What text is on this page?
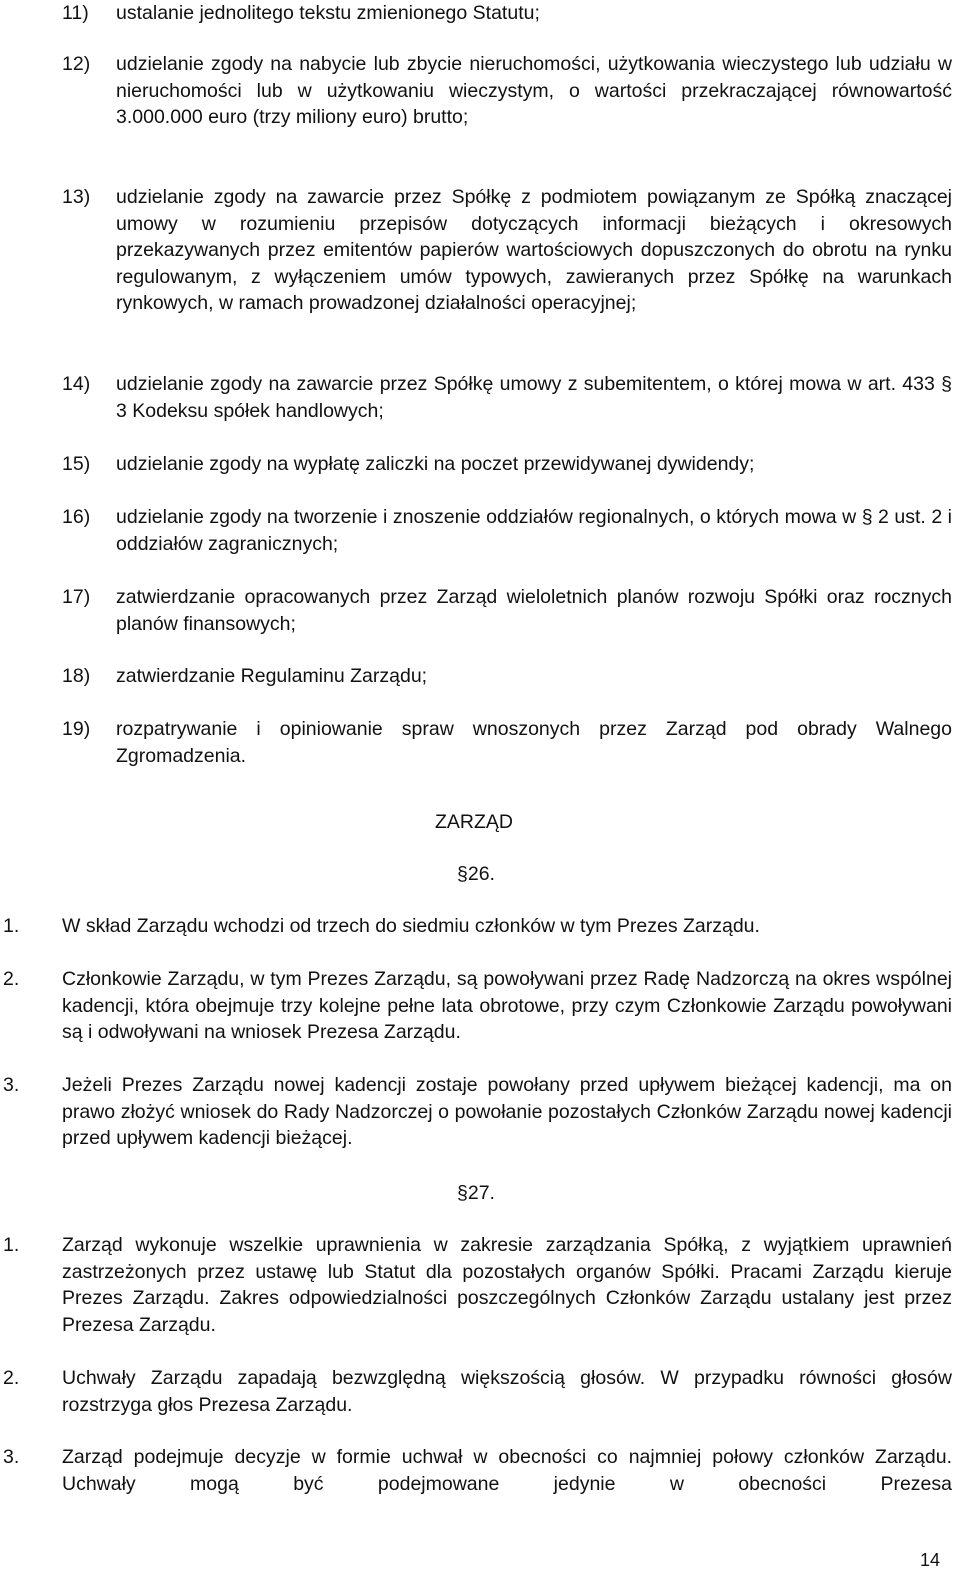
11) ustalanie jednolitego tekstu zmienionego Statutu;
12) udzielanie zgody na nabycie lub zbycie nieruchomości, użytkowania wieczystego lub udziału w nieruchomości lub w użytkowaniu wieczystym, o wartości przekraczającej równowartość 3.000.000 euro (trzy miliony euro) brutto;
13) udzielanie zgody na zawarcie przez Spółkę z podmiotem powiązanym ze Spółką znaczącej umowy w rozumieniu przepisów dotyczących informacji bieżących i okresowych przekazywanych przez emitentów papierów wartościowych dopuszczonych do obrotu na rynku regulowanym, z wyłączeniem umów typowych, zawieranych przez Spółkę na warunkach rynkowych, w ramach prowadzonej działalności operacyjnej;
14) udzielanie zgody na zawarcie przez Spółkę umowy z subemitentem, o której mowa w art. 433 § 3 Kodeksu spółek handlowych;
15) udzielanie zgody na wypłatę zaliczki na poczet przewidywanej dywidendy;
16) udzielanie zgody na tworzenie i znoszenie oddziałów regionalnych, o których mowa w § 2 ust. 2 i oddziałów zagranicznych;
17) zatwierdzanie opracowanych przez Zarząd wieloletnich planów rozwoju Spółki oraz rocznych planów finansowych;
18) zatwierdzanie Regulaminu Zarządu;
19) rozpatrywanie i opiniowanie spraw wnoszonych przez Zarząd pod obrady Walnego Zgromadzenia.
ZARZĄD
§26.
1. W skład Zarządu wchodzi od trzech do siedmiu członków w tym Prezes Zarządu.
2. Członkowie Zarządu, w tym Prezes Zarządu, są powoływani przez Radę Nadzorczą na okres wspólnej kadencji, która obejmuje trzy kolejne pełne lata obrotowe, przy czym Członkowie Zarządu powoływani są i odwoływani na wniosek Prezesa Zarządu.
3. Jeżeli Prezes Zarządu nowej kadencji zostaje powołany przed upływem bieżącej kadencji, ma on prawo złożyć wniosek do Rady Nadzorczej o powołanie pozostałych Członków Zarządu nowej kadencji przed upływem kadencji bieżącej.
§27.
1. Zarząd wykonuje wszelkie uprawnienia w zakresie zarządzania Spółką, z wyjątkiem uprawnień zastrzeżonych przez ustawę lub Statut dla pozostałych organów Spółki. Pracami Zarządu kieruje Prezes Zarządu. Zakres odpowiedzialności poszczególnych Członków Zarządu ustalany jest przez Prezesa Zarządu.
2. Uchwały Zarządu zapadają bezwzględną większością głosów. W przypadku równości głosów rozstrzyga głos Prezesa Zarządu.
3. Zarząd podejmuje decyzje w formie uchwał w obecności co najmniej połowy członków Zarządu. Uchwały mogą być podejmowane jedynie w obecności Prezesa
14
